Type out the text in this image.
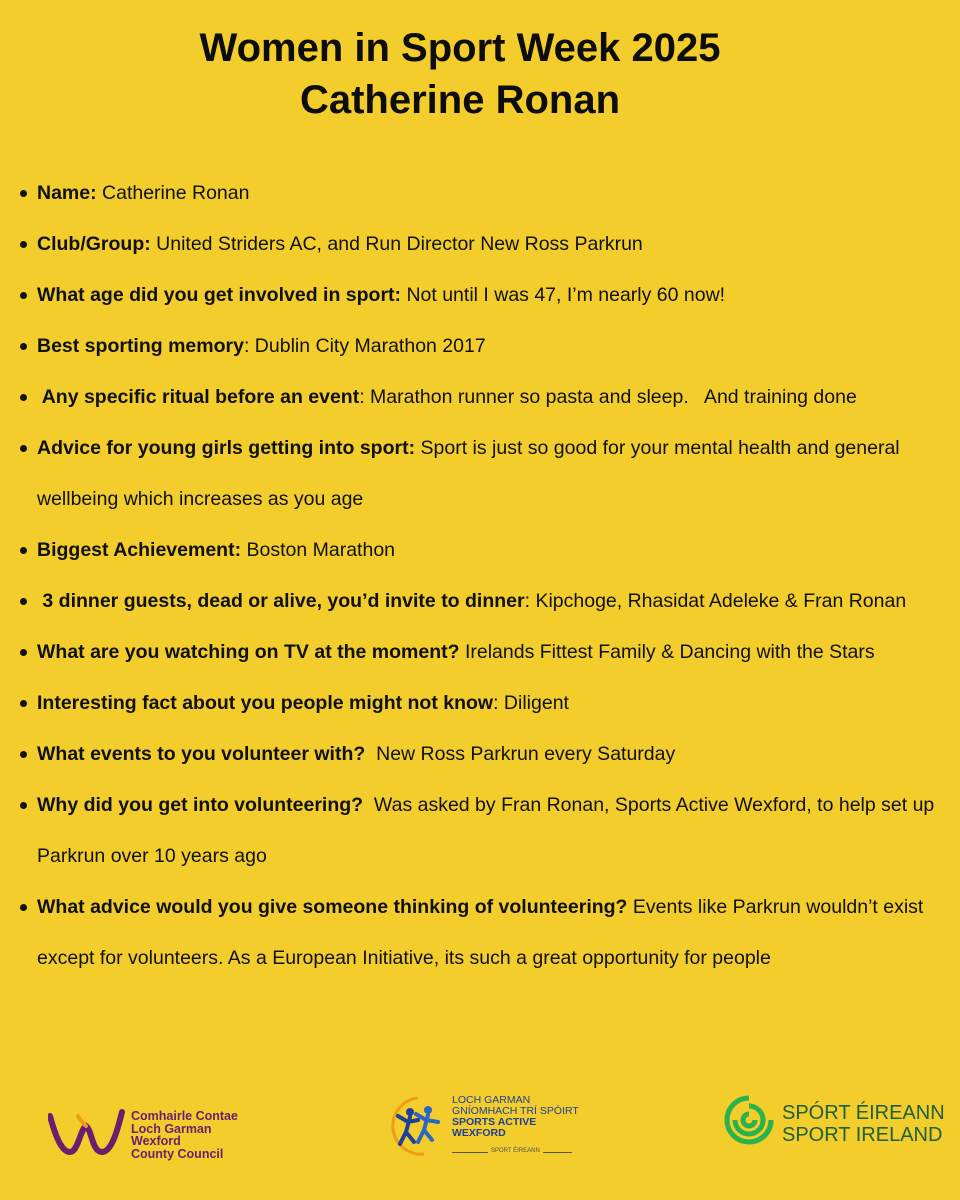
Women in Sport Week 2025
Catherine Ronan
Name: Catherine Ronan
Club/Group: United Striders AC, and Run Director New Ross Parkrun
What age did you get involved in sport: Not until I was 47, I’m nearly 60 now!
Best sporting memory: Dublin City Marathon 2017
Any specific ritual before an event: Marathon runner so pasta and sleep.   And training done
Advice for young girls getting into sport: Sport is just so good for your mental health and general wellbeing which increases as you age
Biggest Achievement: Boston Marathon
3 dinner guests, dead or alive, you’d invite to dinner: Kipchoge, Rhasidat Adeleke & Fran Ronan
What are you watching on TV at the moment? Irelands Fittest Family & Dancing with the Stars
Interesting fact about you people might not know: Diligent
What events to you volunteer with?  New Ross Parkrun every Saturday
Why did you get into volunteering?  Was asked by Fran Ronan, Sports Active Wexford, to help set up Parkrun over 10 years ago
What advice would you give someone thinking of volunteering? Events like Parkrun wouldn’t exist except for volunteers. As a European Initiative, its such a great opportunity for people
Comhairle Contae
Loch Garman
Wexford
County Council
LOCH GARMAN
GNÍOMHACH TRÍ SPÓIRT
SPORTS ACTIVE
WEXFORD
SPORT ÉIREANN
SPÓRT ÉIREANN
SPORT IRELAND
